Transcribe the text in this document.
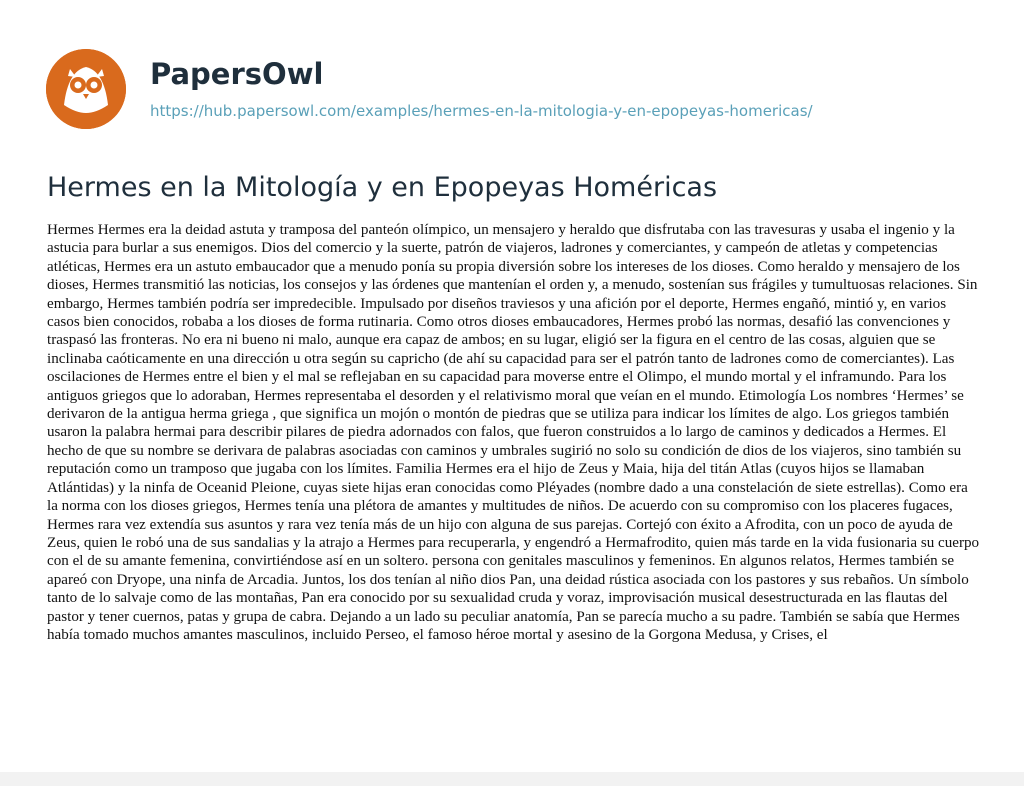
PapersOwl
https://hub.papersowl.com/examples/hermes-en-la-mitologia-y-en-epopeyas-homericas/
Hermes en la Mitología y en Epopeyas Homéricas

Hermes Hermes era la deidad astuta y tramposa del panteón olímpico, un mensajero y heraldo que disfrutaba con las travesuras y usaba el ingenio y la astucia para burlar a sus enemigos. Dios del comercio y la suerte, patrón de viajeros, ladrones y comerciantes, y campeón de atletas y competencias atléticas, Hermes era un astuto embaucador que a menudo ponía su propia diversión sobre los intereses de los dioses. Como heraldo y mensajero de los dioses, Hermes transmitió las noticias, los consejos y las órdenes que mantenían el orden y, a menudo, sostenían sus frágiles y tumultuosas relaciones. Sin embargo, Hermes también podría ser impredecible. Impulsado por diseños traviesos y una afición por el deporte, Hermes engañó, mintió y, en varios casos bien conocidos, robaba a los dioses de forma rutinaria. Como otros dioses embaucadores, Hermes probó las normas, desafió las convenciones y traspasó las fronteras. No era ni bueno ni malo, aunque era capaz de ambos; en su lugar, eligió ser la figura en el centro de las cosas, alguien que se inclinaba caóticamente en una dirección u otra según su capricho (de ahí su capacidad para ser el patrón tanto de ladrones como de comerciantes). Las oscilaciones de Hermes entre el bien y el mal se reflejaban en su capacidad para moverse entre el Olimpo, el mundo mortal y el inframundo. Para los antiguos griegos que lo adoraban, Hermes representaba el desorden y el relativismo moral que veían en el mundo. Etimología Los nombres ‘Hermes’ se derivaron de la antigua herma griega , que significa un mojón o montón de piedras que se utiliza para indicar los límites de algo. Los griegos también usaron la palabra hermai para describir pilares de piedra adornados con falos, que fueron construidos a lo largo de caminos y dedicados a Hermes. El hecho de que su nombre se derivara de palabras asociadas con caminos y umbrales sugirió no solo su condición de dios de los viajeros, sino también su reputación como un tramposo que jugaba con los límites. Familia Hermes era el hijo de Zeus y Maia, hija del titán Atlas (cuyos hijos se llamaban Atlántidas) y la ninfa de Oceanid Pleione, cuyas siete hijas eran conocidas como Pléyades (nombre dado a una constelación de siete estrellas). Como era la norma con los dioses griegos, Hermes tenía una plétora de amantes y multitudes de niños. De acuerdo con su compromiso con los placeres fugaces, Hermes rara vez extendía sus asuntos y rara vez tenía más de un hijo con alguna de sus parejas. Cortejó con éxito a Afrodita, con un poco de ayuda de Zeus, quien le robó una de sus sandalias y la atrajo a Hermes para recuperarla, y engendró a Hermafrodito, quien más tarde en la vida fusionaria su cuerpo con el de su amante femenina, convirtiéndose así en un soltero. persona con genitales masculinos y femeninos. En algunos relatos, Hermes también se apareó con Dryope, una ninfa de Arcadia. Juntos, los dos tenían al niño dios Pan, una deidad rústica asociada con los pastores y sus rebaños. Un símbolo tanto de lo salvaje como de las montañas, Pan era conocido por su sexualidad cruda y voraz, improvisación musical desestructurada en las flautas del pastor y tener cuernos, patas y grupa de cabra. Dejando a un lado su peculiar anatomía, Pan se parecía mucho a su padre. También se sabía que Hermes había tomado muchos amantes masculinos, incluido Perseo, el famoso héroe mortal y asesino de la Gorgona Medusa, y Crises, el
